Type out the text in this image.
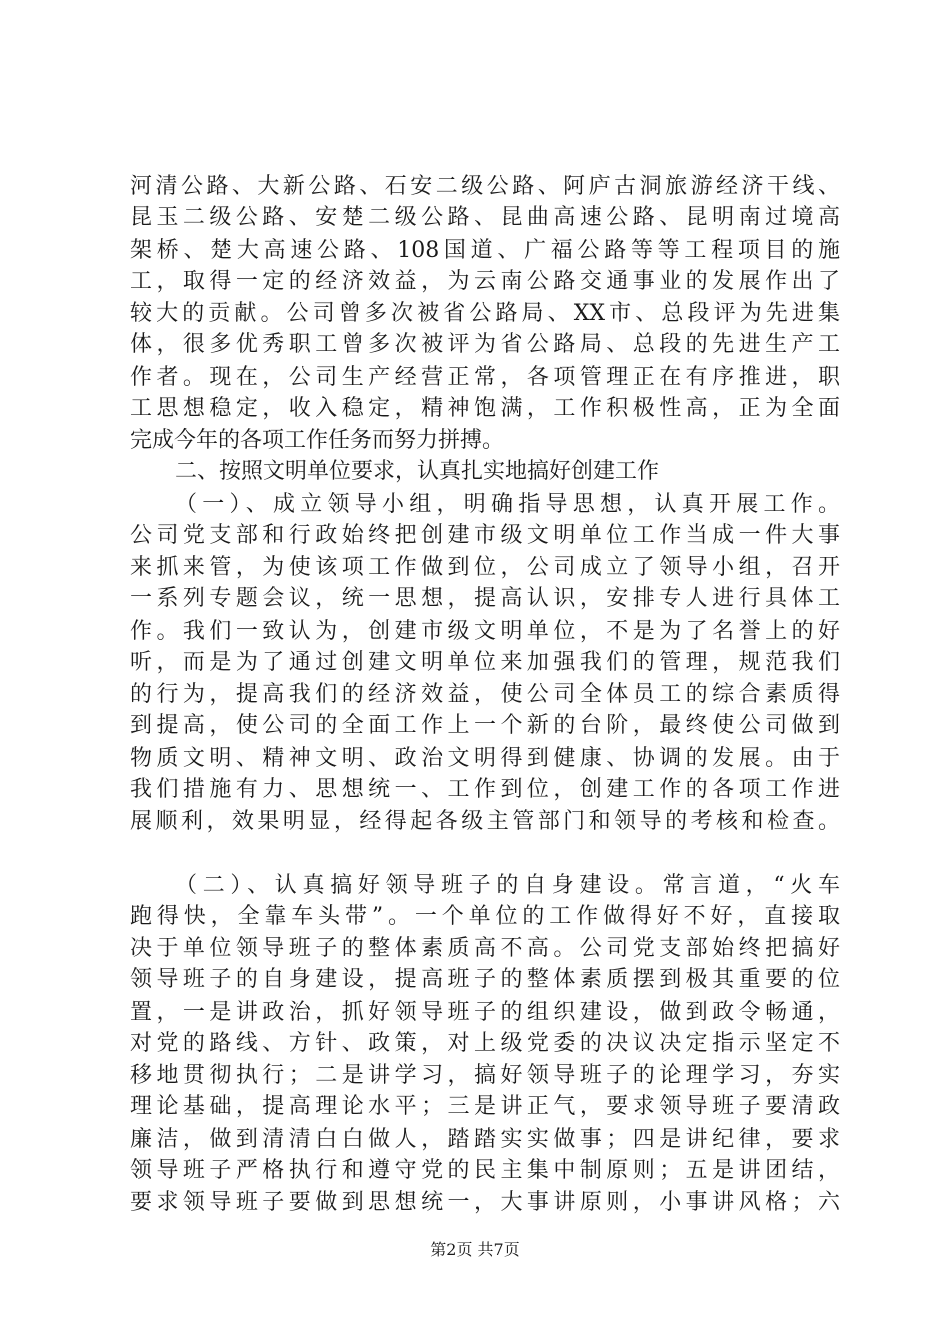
河清公路、大新公路、石安二级公路、阿庐古洞旅游经济干线、
昆玉二级公路、安楚二级公路、昆曲高速公路、昆明南过境高
架桥、楚大高速公路、108国道、广福公路等等工程项目的施
工，取得一定的经济效益，为云南公路交通事业的发展作出了
较大的贡献。公司曾多次被省公路局、XX市、总段评为先进集
体，很多优秀职工曾多次被评为省公路局、总段的先进生产工
作者。现在，公司生产经营正常，各项管理正在有序推进，职
工思想稳定，收入稳定，精神饱满，工作积极性高，正为全面
完成今年的各项工作任务而努力拼搏。
二、按照文明单位要求，认真扎实地搞好创建工作
（一）、成立领导小组，明确指导思想，认真开展工作。
公司党支部和行政始终把创建市级文明单位工作当成一件大事
来抓来管，为使该项工作做到位，公司成立了领导小组，召开
一系列专题会议，统一思想，提高认识，安排专人进行具体工
作。我们一致认为，创建市级文明单位，不是为了名誉上的好
听，而是为了通过创建文明单位来加强我们的管理，规范我们
的行为，提高我们的经济效益，使公司全体员工的综合素质得
到提高，使公司的全面工作上一个新的台阶，最终使公司做到
物质文明、精神文明、政治文明得到健康、协调的发展。由于
我们措施有力、思想统一、工作到位，创建工作的各项工作进
展顺利，效果明显，经得起各级主管部门和领导的考核和检查。
（二）、认真搞好领导班子的自身建设。常言道，“火车
跑得快，全靠车头带”。一个单位的工作做得好不好，直接取
决于单位领导班子的整体素质高不高。公司党支部始终把搞好
领导班子的自身建设，提高班子的整体素质摆到极其重要的位
置，一是讲政治，抓好领导班子的组织建设，做到政令畅通，
对党的路线、方针、政策，对上级党委的决议决定指示坚定不
移地贯彻执行；二是讲学习，搞好领导班子的论理学习，夯实
理论基础，提高理论水平；三是讲正气，要求领导班子要清政
廉洁，做到清清白白做人，踏踏实实做事；四是讲纪律，要求
领导班子严格执行和遵守党的民主集中制原则；五是讲团结，
要求领导班子要做到思想统一，大事讲原则，小事讲风格；六
第2页 共7页
